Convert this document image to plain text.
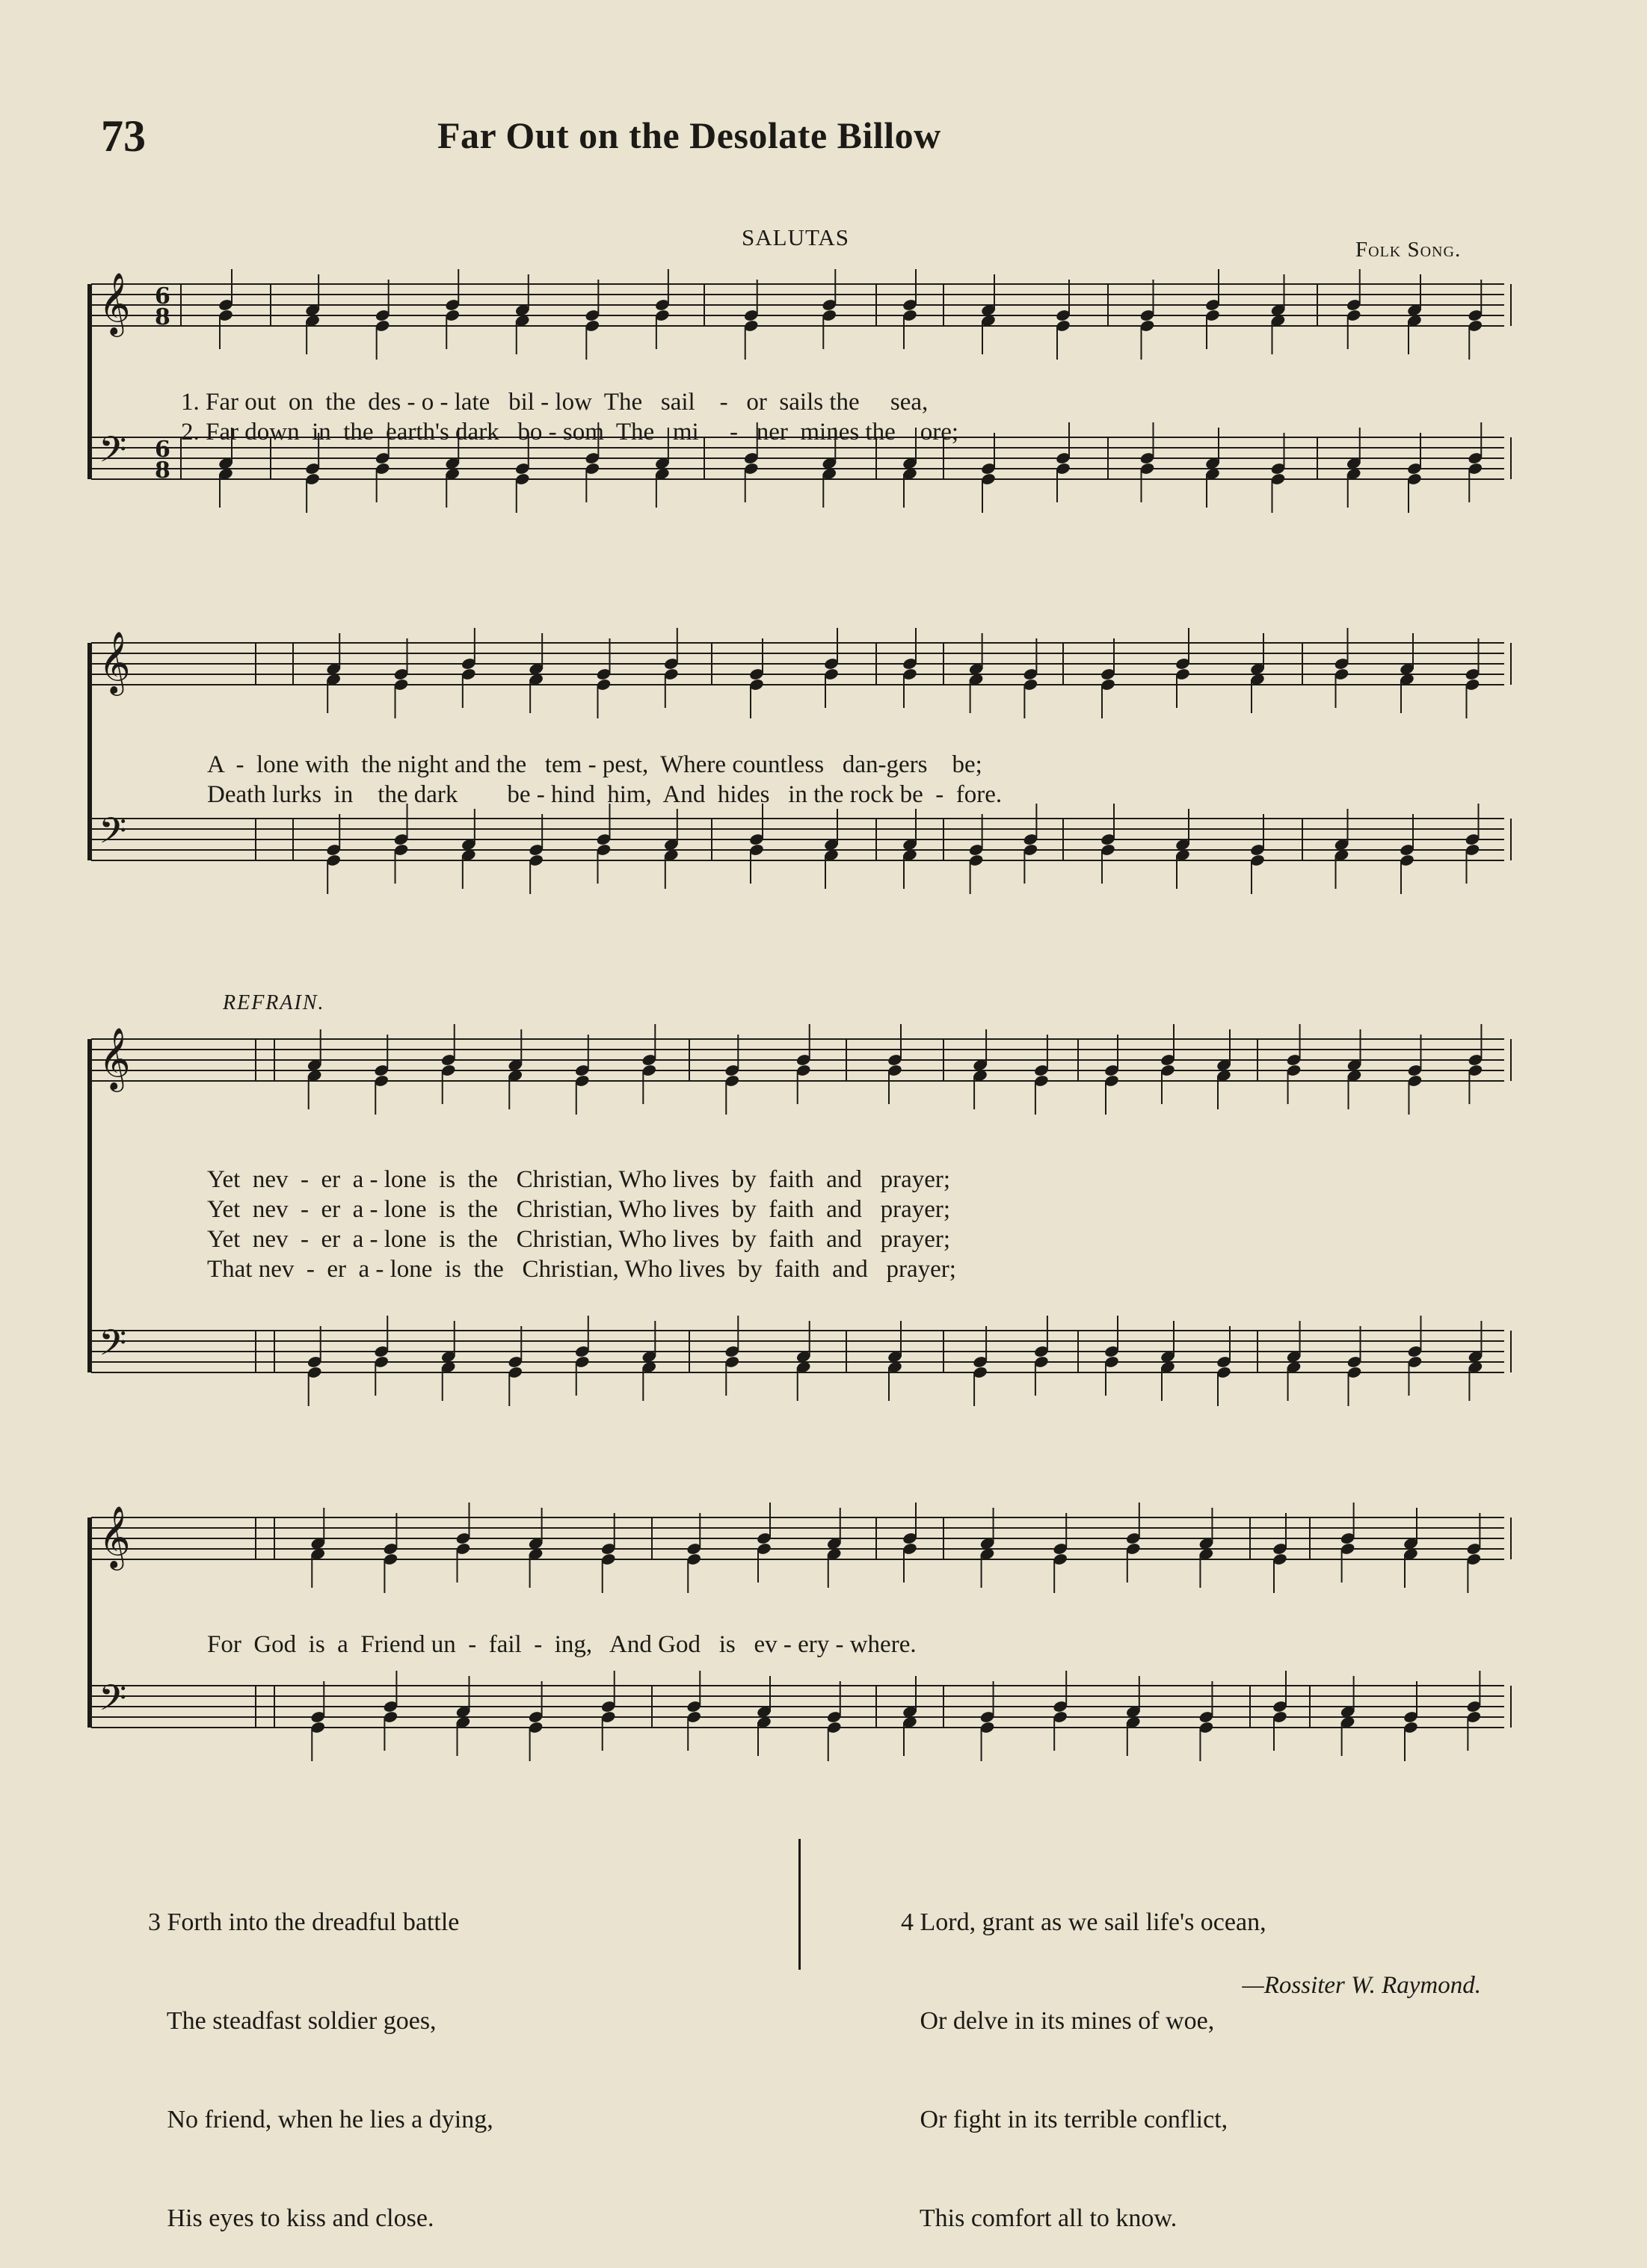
73	Far Out on the Desolate Billow
SALUTAS	Folk Song.
𝄞 6
8
𝄢 6
8
1. Far out  on  the  des - o - late   bil - low  The   sail    -   or  sails the     sea,
2. Far down  in  the  earth's dark   bo - som  The   mi     -   ner  mines the    ore;
𝄞
𝄢
A  -  lone with  the night and the   tem - pest,  Where countless   dan-gers    be;
Death lurks  in    the dark        be - hind  him,  And  hides   in the rock be  -  fore.
REFRAIN.
𝄞
𝄢
Yet  nev  -  er  a - lone  is  the   Christian, Who lives  by  faith  and   prayer;
Yet  nev  -  er  a - lone  is  the   Christian, Who lives  by  faith  and   prayer;
Yet  nev  -  er  a - lone  is  the   Christian, Who lives  by  faith  and   prayer;
That nev  -  er  a - lone  is  the   Christian, Who lives  by  faith  and   prayer;
𝄞
𝄢
For  God  is  a  Friend un  -  fail  -  ing,   And God   is   ev - ery - where.

3 Forth into the dreadful battle

The steadfast soldier goes,

No friend, when he lies a dying,

His eyes to kiss and close.

4 Lord, grant as we sail life's ocean,

Or delve in its mines of woe,

Or fight in its terrible conflict,

This comfort all to know.

—Rossiter W. Raymond.
